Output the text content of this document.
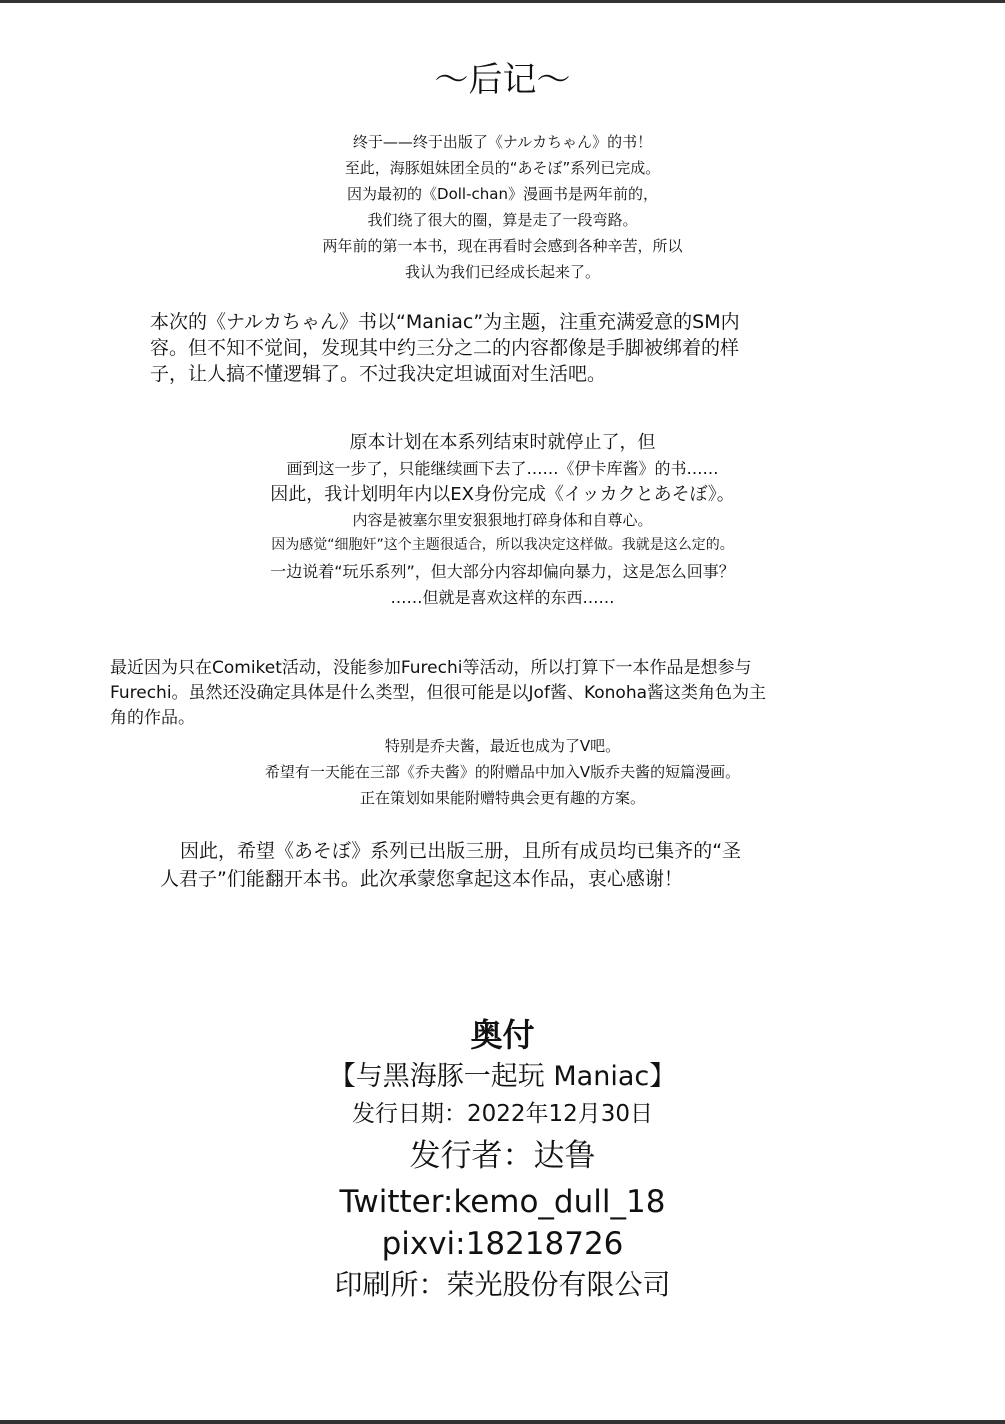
～后记～

终于——终于出版了《ナルカちゃん》的书！

至此，海豚姐妹团全员的“あそぼ”系列已完成。

因为最初的《Doll-chan》漫画书是两年前的，

我们绕了很大的圈，算是走了一段弯路。

两年前的第一本书，现在再看时会感到各种辛苦，所以

我认为我们已经成长起来了。

本次的《ナルカちゃん》书以“Maniac”为主题，注重充满爱意的SM内

容。但不知不觉间，发现其中约三分之二的内容都像是手脚被绑着的样

子，让人搞不懂逻辑了。不过我决定坦诚面对生活吧。

原本计划在本系列结束时就停止了，但

画到这一步了，只能继续画下去了……《伊卡库酱》的书……

因此，我计划明年内以EX身份完成《イッカクとあそぼ》。

内容是被塞尔里安狠狠地打碎身体和自尊心。

因为感觉“细胞奸”这个主题很适合，所以我决定这样做。我就是这么定的。

一边说着“玩乐系列”，但大部分内容却偏向暴力，这是怎么回事？

……但就是喜欢这样的东西……

最近因为只在Comiket活动，没能参加Furechi等活动，所以打算下一本作品是想参与

Furechi。虽然还没确定具体是什么类型，但很可能是以Jof酱、Konoha酱这类角色为主

角的作品。

特别是乔夫酱，最近也成为了V吧。

希望有一天能在三部《乔夫酱》的附赠品中加入V版乔夫酱的短篇漫画。

正在策划如果能附赠特典会更有趣的方案。

因此，希望《あそぼ》系列已出版三册，且所有成员均已集齐的“圣

人君子”们能翻开本书。此次承蒙您拿起这本作品，衷心感谢！

奥付
【与黑海豚一起玩 Maniac】
发行日期：2022年12月30日
发行者：达鲁
Twitter:kemo_dull_18
pixvi:18218726
印刷所：荣光股份有限公司
